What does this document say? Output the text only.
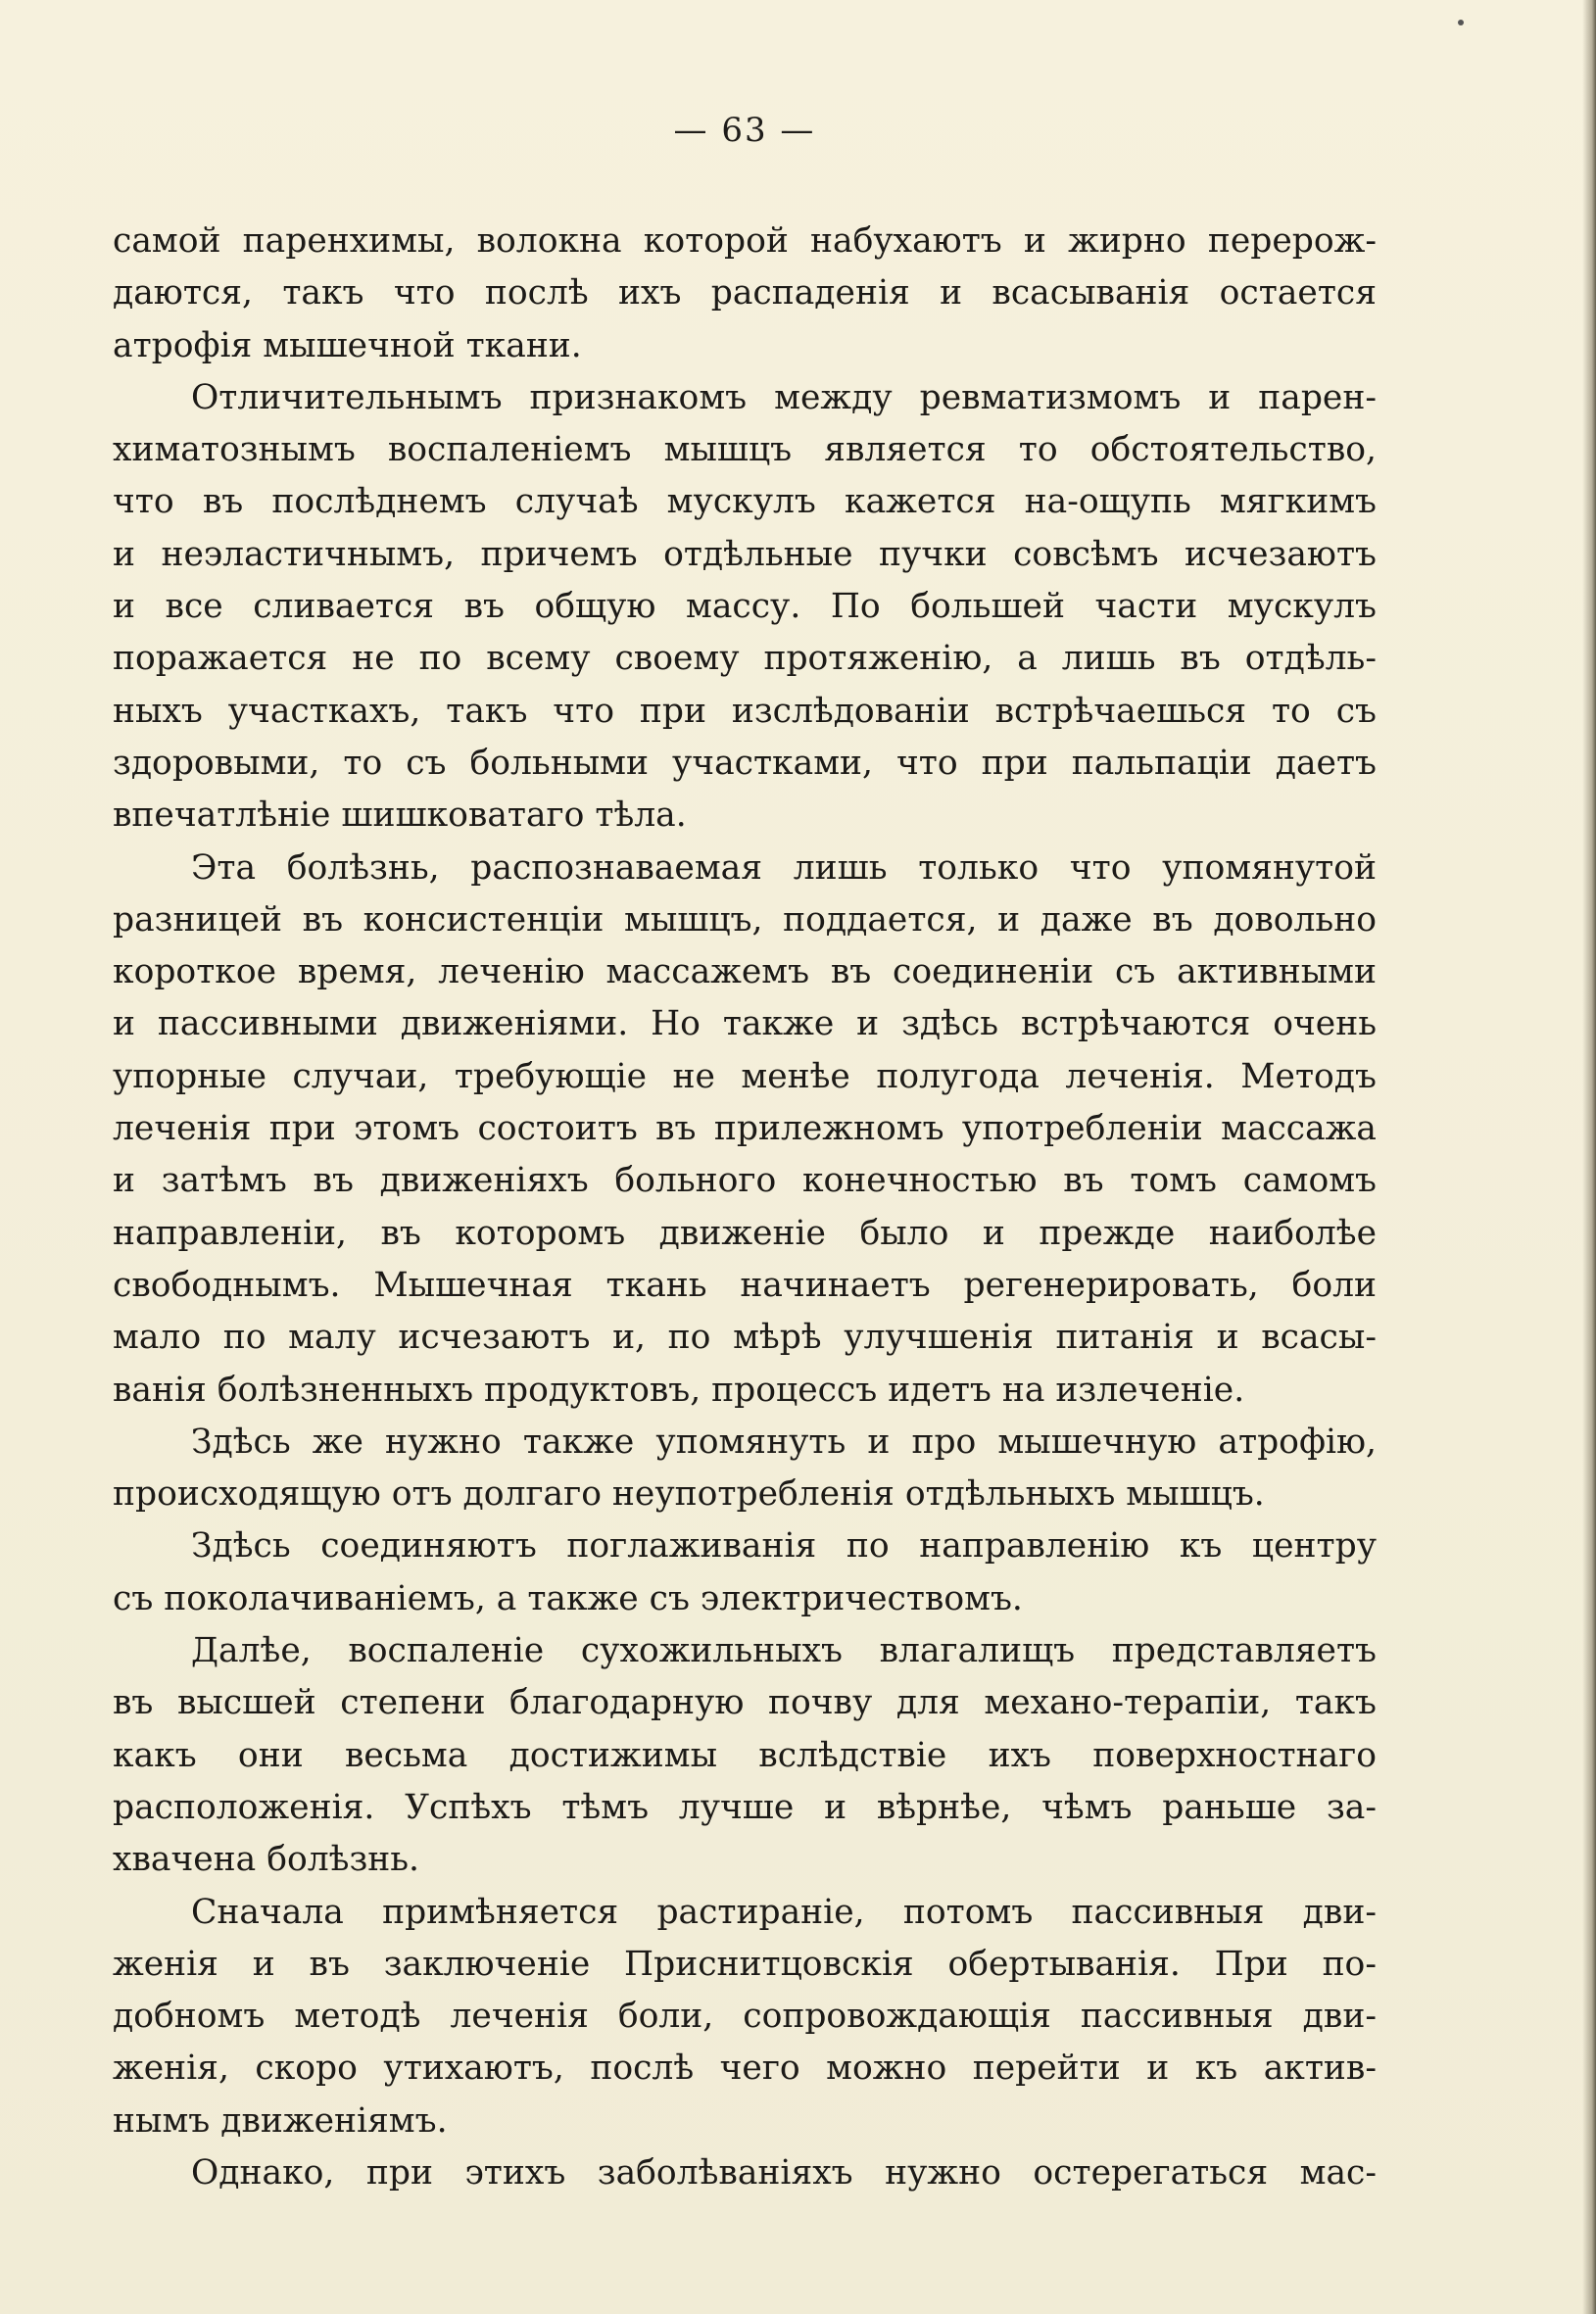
— 63 —
самой паренхимы, волокна которой набухаютъ и жирно перерож-
даются, такъ что послѣ ихъ распаденія и всасыванія остается
атрофія мышечной ткани.
Отличительнымъ признакомъ между ревматизмомъ и парен-
химатознымъ воспаленіемъ мышцъ является то обстоятельство,
что въ послѣднемъ случаѣ мускулъ кажется на-ощупь мягкимъ
и неэластичнымъ, причемъ отдѣльные пучки совсѣмъ исчезаютъ
и все сливается въ общую массу. По большей части мускулъ
поражается не по всему своему протяженію, а лишь въ отдѣль-
ныхъ участкахъ, такъ что при изслѣдованіи встрѣчаешься то съ
здоровыми, то съ больными участками, что при пальпаціи даетъ
впечатлѣніе шишковатаго тѣла.
Эта болѣзнь, распознаваемая лишь только что упомянутой
разницей въ консистенціи мышцъ, поддается, и даже въ довольно
короткое время, леченію массажемъ въ соединеніи съ активными
и пассивными движеніями. Но также и здѣсь встрѣчаются очень
упорные случаи, требующіе не менѣе полугода леченія. Методъ
леченія при этомъ состоитъ въ прилежномъ употребленіи массажа
и затѣмъ въ движеніяхъ больного конечностью въ томъ самомъ
направленіи, въ которомъ движеніе было и прежде наиболѣе
свободнымъ. Мышечная ткань начинаетъ регенерировать, боли
мало по малу исчезаютъ и, по мѣрѣ улучшенія питанія и всасы-
ванія болѣзненныхъ продуктовъ, процессъ идетъ на излеченіе.
Здѣсь же нужно также упомянуть и про мышечную атрофію,
происходящую отъ долгаго неупотребленія отдѣльныхъ мышцъ.
Здѣсь соединяютъ поглаживанія по направленію къ центру
съ поколачиваніемъ, а также съ электричествомъ.
Далѣе, воспаленіе сухожильныхъ влагалищъ представляетъ
въ высшей степени благодарную почву для механо-терапіи, такъ
какъ они весьма достижимы вслѣдствіе ихъ поверхностнаго
расположенія. Успѣхъ тѣмъ лучше и вѣрнѣе, чѣмъ раньше за-
хвачена болѣзнь.
Сначала примѣняется растираніе, потомъ пассивныя дви-
женія и въ заключеніе Приснитцовскія обертыванія. При по-
добномъ методѣ леченія боли, сопровождающія пассивныя дви-
женія, скоро утихаютъ, послѣ чего можно перейти и къ актив-
нымъ движеніямъ.
Однако, при этихъ заболѣваніяхъ нужно остерегаться мас-
